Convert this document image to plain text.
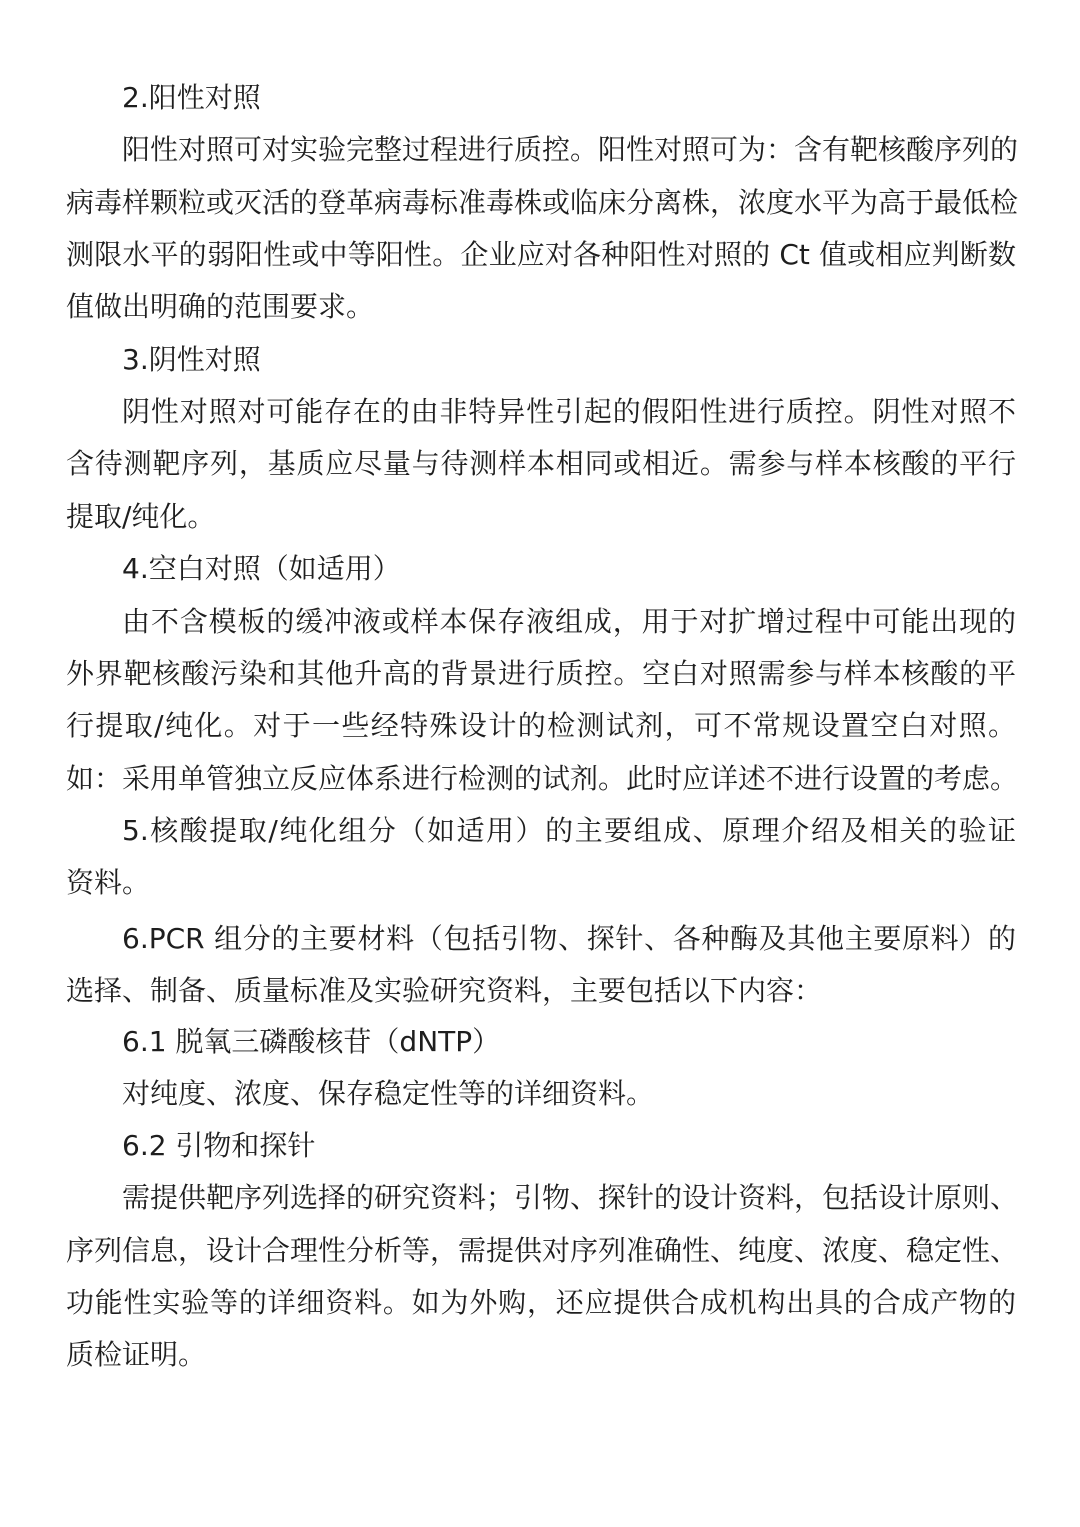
2.阳性对照
阳性对照可对实验完整过程进行质控。阳性对照可为：含有靶核酸序列的
病毒样颗粒或灭活的登革病毒标准毒株或临床分离株，浓度水平为高于最低检
测限水平的弱阳性或中等阳性。企业应对各种阳性对照的 Ct 值或相应判断数
值做出明确的范围要求。
3.阴性对照
阴性对照对可能存在的由非特异性引起的假阳性进行质控。阴性对照不
含待测靶序列，基质应尽量与待测样本相同或相近。需参与样本核酸的平行
提取/纯化。
4.空白对照（如适用）
由不含模板的缓冲液或样本保存液组成，用于对扩增过程中可能出现的
外界靶核酸污染和其他升高的背景进行质控。空白对照需参与样本核酸的平
行提取/纯化。对于一些经特殊设计的检测试剂，可不常规设置空白对照。
如：采用单管独立反应体系进行检测的试剂。此时应详述不进行设置的考虑。
5.核酸提取/纯化组分（如适用）的主要组成、原理介绍及相关的验证
资料。
6.PCR 组分的主要材料（包括引物、探针、各种酶及其他主要原料）的
选择、制备、质量标准及实验研究资料，主要包括以下内容：
6.1 脱氧三磷酸核苷（dNTP）
对纯度、浓度、保存稳定性等的详细资料。
6.2 引物和探针
需提供靶序列选择的研究资料；引物、探针的设计资料，包括设计原则、
序列信息，设计合理性分析等，需提供对序列准确性、纯度、浓度、稳定性、
功能性实验等的详细资料。如为外购，还应提供合成机构出具的合成产物的
质检证明。
